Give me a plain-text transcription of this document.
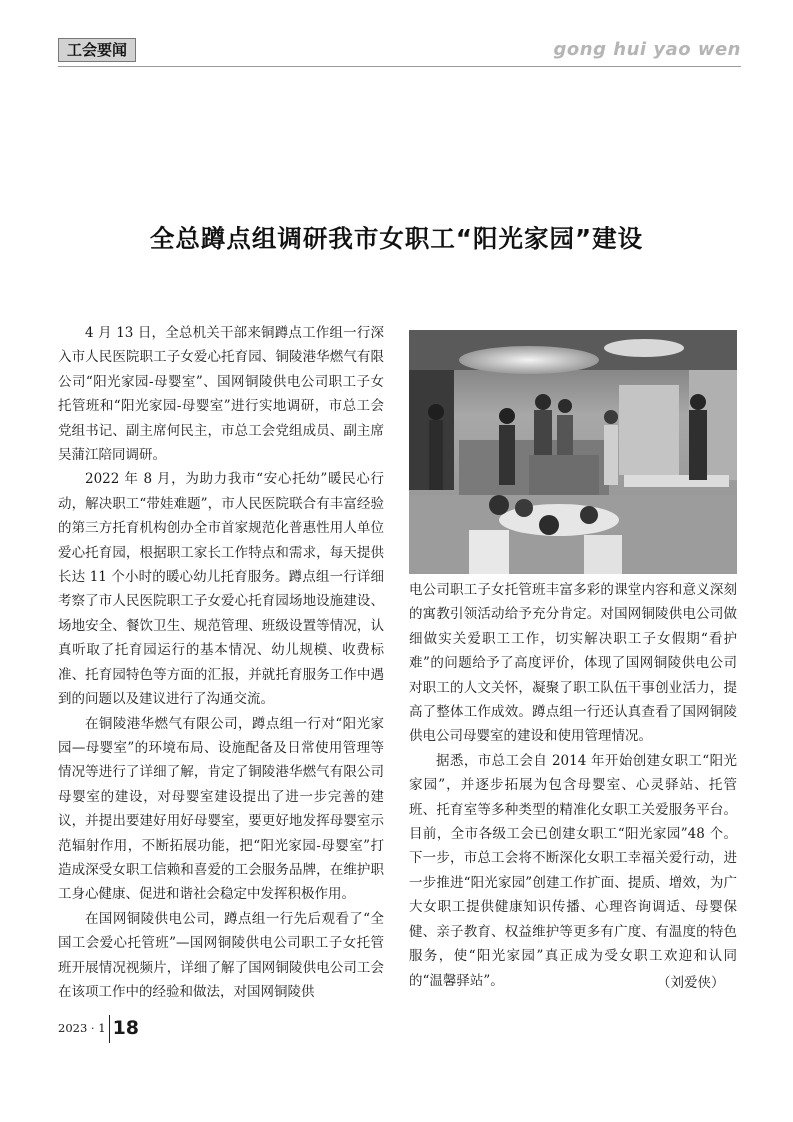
工会要闻	gong hui yao wen
全总蹲点组调研我市女职工“阳光家园”建设

4 月 13 日，全总机关干部来铜蹲点工作组一行深入市人民医院职工子女爱心托育园、铜陵港华燃气有限公司“阳光家园-母婴室”、国网铜陵供电公司职工子女托管班和“阳光家园-母婴室”进行实地调研，市总工会党组书记、副主席何民主，市总工会党组成员、副主席吴蒲江陪同调研。

2022 年 8 月，为助力我市“安心托幼”暖民心行动，解决职工“带娃难题”，市人民医院联合有丰富经验的第三方托育机构创办全市首家规范化普惠性用人单位爱心托育园，根据职工家长工作特点和需求，每天提供长达 11 个小时的暖心幼儿托育服务。蹲点组一行详细考察了市人民医院职工子女爱心托育园场地设施建设、场地安全、餐饮卫生、规范管理、班级设置等情况，认真听取了托育园运行的基本情况、幼儿规模、收费标准、托育园特色等方面的汇报，并就托育服务工作中遇到的问题以及建议进行了沟通交流。

在铜陵港华燃气有限公司，蹲点组一行对“阳光家园—母婴室”的环境布局、设施配备及日常使用管理等情况等进行了详细了解，肯定了铜陵港华燃气有限公司母婴室的建设，对母婴室建设提出了进一步完善的建议，并提出要建好用好母婴室，要更好地发挥母婴室示范辐射作用，不断拓展功能，把“阳光家园-母婴室”打造成深受女职工信赖和喜爱的工会服务品牌，在维护职工身心健康、促进和谐社会稳定中发挥积极作用。

在国网铜陵供电公司，蹲点组一行先后观看了“全国工会爱心托管班”—国网铜陵供电公司职工子女托管班开展情况视频片，详细了解了国网铜陵供电公司工会在该项工作中的经验和做法，对国网铜陵供

电公司职工子女托管班丰富多彩的课堂内容和意义深刻的寓教引领活动给予充分肯定。对国网铜陵供电公司做细做实关爱职工工作，切实解决职工子女假期“看护难”的问题给予了高度评价，体现了国网铜陵供电公司对职工的人文关怀，凝聚了职工队伍干事创业活力，提高了整体工作成效。蹲点组一行还认真查看了国网铜陵供电公司母婴室的建设和使用管理情况。

据悉，市总工会自 2014 年开始创建女职工“阳光家园”，并逐步拓展为包含母婴室、心灵驿站、托管班、托育室等多种类型的精准化女职工关爱服务平台。目前，全市各级工会已创建女职工“阳光家园”48 个。下一步，市总工会将不断深化女职工幸福关爱行动，进一步推进“阳光家园”创建工作扩面、提质、增效，为广大女职工提供健康知识传播、心理咨询调适、母婴保健、亲子教育、权益维护等更多有广度、有温度的特色服务，使“阳光家园”真正成为受女职工欢迎和认同的“温馨驿站”。	（刘爱侠）
2023 · 1 18
